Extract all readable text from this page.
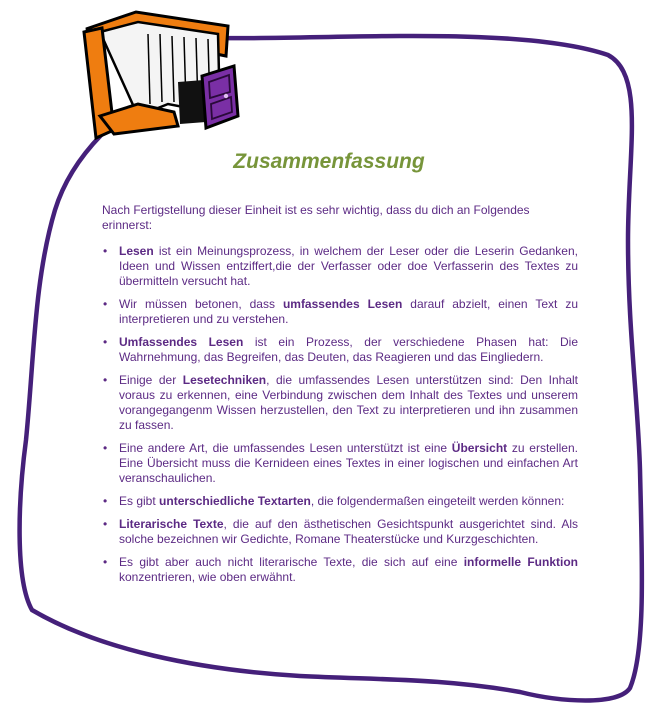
Zusammenfassung

Nach Fertigstellung dieser Einheit ist es sehr wichtig, dass du dich an Folgendes erinnerst:

• Lesen ist ein Meinungsprozess, in welchem der Leser oder die Leserin Gedanken, Ideen und Wissen entziffert,die der Verfasser oder doe Verfasserin des Textes zu übermitteln versucht hat.
• Wir müssen betonen, dass umfassendes Lesen darauf abzielt, einen Text zu interpretieren und zu verstehen.
• Umfassendes Lesen ist ein Prozess, der verschiedene Phasen hat: Die Wahrnehmung, das Begreifen, das Deuten, das Reagieren und das Eingliedern.
• Einige der Lesetechniken, die umfassendes Lesen unterstützen sind: Den Inhalt voraus zu erkennen, eine Verbindung zwischen dem Inhalt des Textes und unserem vorangegangenm Wissen herzustellen, den Text zu interpretieren und ihn zusammen zu fassen.
• Eine andere Art, die umfassendes Lesen unterstützt ist eine Übersicht zu erstellen. Eine Übersicht muss die Kernideen eines Textes in einer logischen und einfachen Art veranschaulichen.
• Es gibt unterschiedliche Textarten, die folgendermaßen eingeteilt werden können:
• Literarische Texte, die auf den ästhetischen Gesichtspunkt ausgerichtet sind. Als solche bezeichnen wir Gedichte, Romane Theaterstücke und Kurzgeschichten.
• Es gibt aber auch nicht literarische Texte, die sich auf eine informelle Funktion konzentrieren, wie oben erwähnt.
